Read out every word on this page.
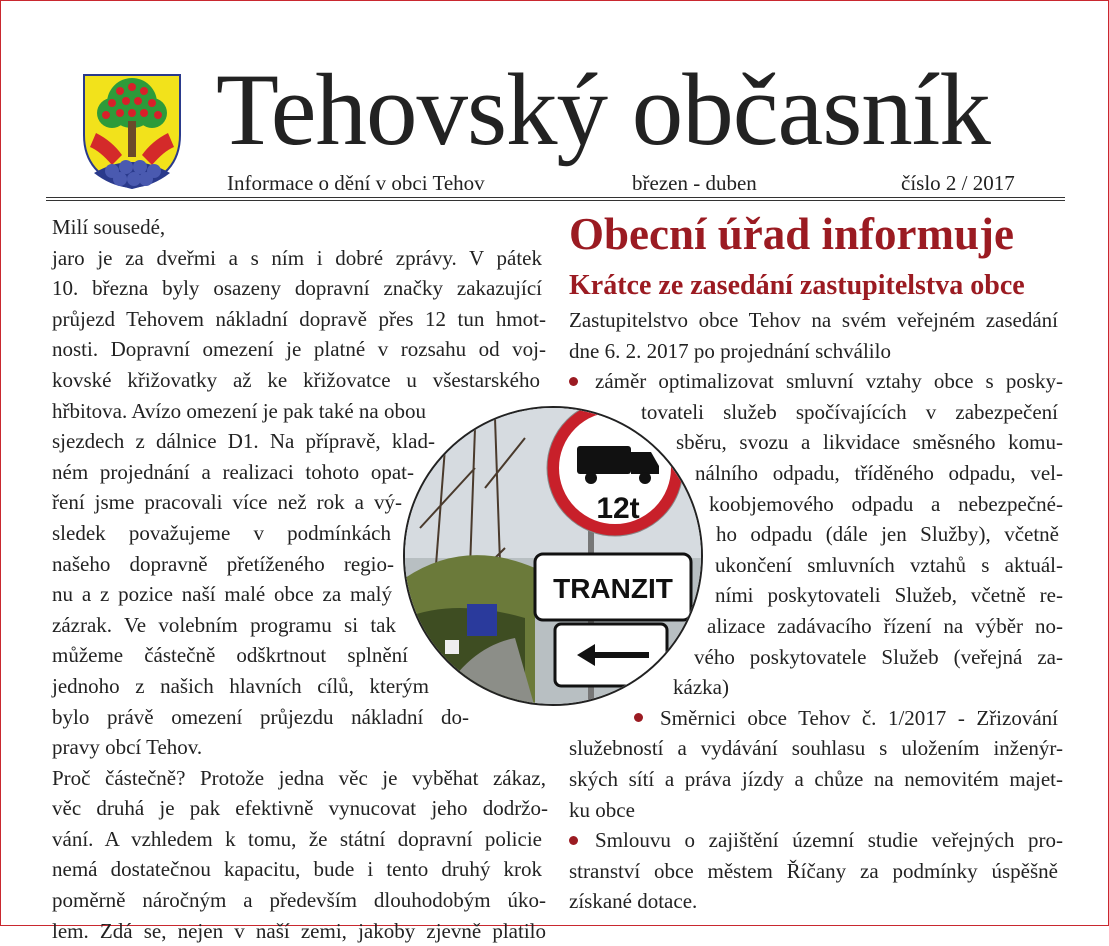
Tehovský občasník
Informace o dění v obci Tehov	březen - duben	číslo 2 / 2017
Milí sousedé,
jaro je za dveřmi a s ním i dobré zprávy. V pátek
10. března byly osazeny dopravní značky zakazující
průjezd Tehovem nákladní dopravě přes 12 tun hmot-
nosti. Dopravní omezení je platné v rozsahu od voj-
kovské křižovatky až ke křižovatce u všestarského
hřbitova. Avízo omezení je pak také na obou
sjezdech z dálnice D1. Na přípravě, klad-
ném projednání a realizaci tohoto opat-
ření jsme pracovali více než rok a vý-
sledek považujeme v podmínkách
našeho dopravně přetíženého regio-
nu a z pozice naší malé obce za malý
zázrak. Ve volebním programu si tak
můžeme částečně odškrtnout splnění
jednoho z našich hlavních cílů, kterým
bylo právě omezení průjezdu nákladní do-
pravy obcí Tehov.
Proč částečně? Protože jedna věc je vyběhat zákaz,
věc druhá je pak efektivně vynucovat jeho dodržo-
vání. A vzhledem k tomu, že státní dopravní policie
nemá dostatečnou kapacitu, bude i tento druhý krok
poměrně náročným a především dlouhodobým úko-
lem. Zdá se, nejen v naší zemi, jakoby zjevně platilo
Obecní úřad informuje
Krátce ze zasedání zastupitelstva obce
Zastupitelstvo obce Tehov na svém veřejném zasedání
dne 6. 2. 2017 po projednání schválilo
záměr optimalizovat smluvní vztahy obce s posky-
tovateli služeb spočívajících v zabezpečení
sběru, svozu a likvidace směsného komu-
nálního odpadu, tříděného odpadu, vel-
koobjemového odpadu a nebezpečné-
ho odpadu (dále jen Služby), včetně
ukončení smluvních vztahů s aktuál-
ními poskytovateli Služeb, včetně re-
alizace zadávacího řízení na výběr no-
vého poskytovatele Služeb (veřejná za-
kázka)
Směrnici obce Tehov č. 1/2017 - Zřizování
služebností a vydávání souhlasu s uložením inženýr-
ských sítí a práva jízdy a chůze na nemovitém majet-
ku obce
Smlouvu o zajištění územní studie veřejných pro-
stranství obce městem Říčany za podmínky úspěšně
získané dotace.
12t
TRANZIT
